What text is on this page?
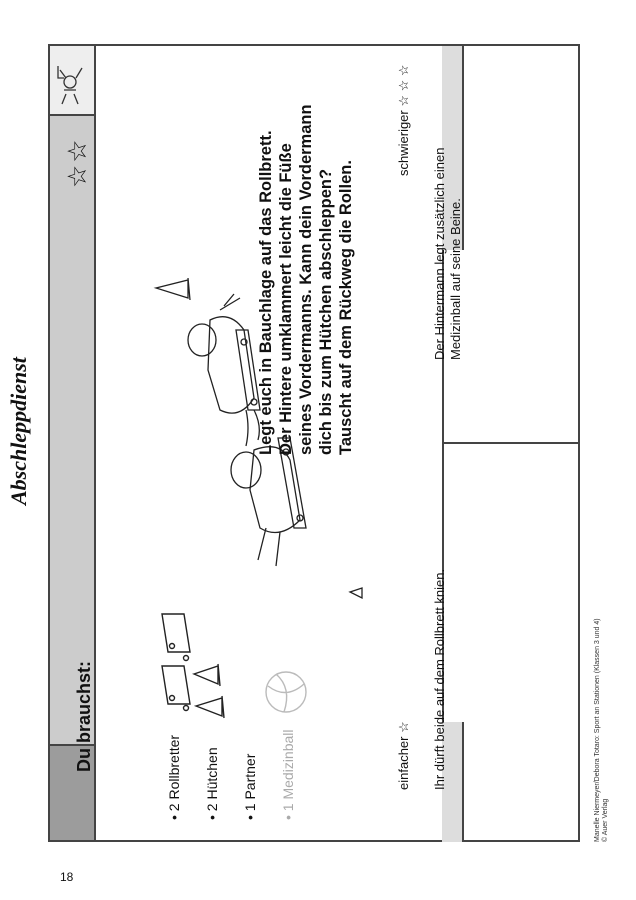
Station 1
Abschleppdienst
☆☆
Du brauchst:
• 2 Rollbretter
• 2 Hütchen
• 1 Partner
• 1 Medizinball
Legt euch in Bauchlage auf das Rollbrett. Der Hintere umklammert leicht die Füße seines Vordermanns. Kann dein Vordermann dich bis zum Hütchen abschleppen? Tauscht auf dem Rückweg die Rollen.
einfacher ☆
schwieriger ☆ ☆ ☆
Ihr dürft beide auf dem Rollbrett knien.
Der Hintermann legt zusätzlich einen Medizinball auf seine Beine.
18
Manelle Niermeyer/Debora Totaro: Sport an Stationen (Klassen 3 und 4) © Auer Verlag
